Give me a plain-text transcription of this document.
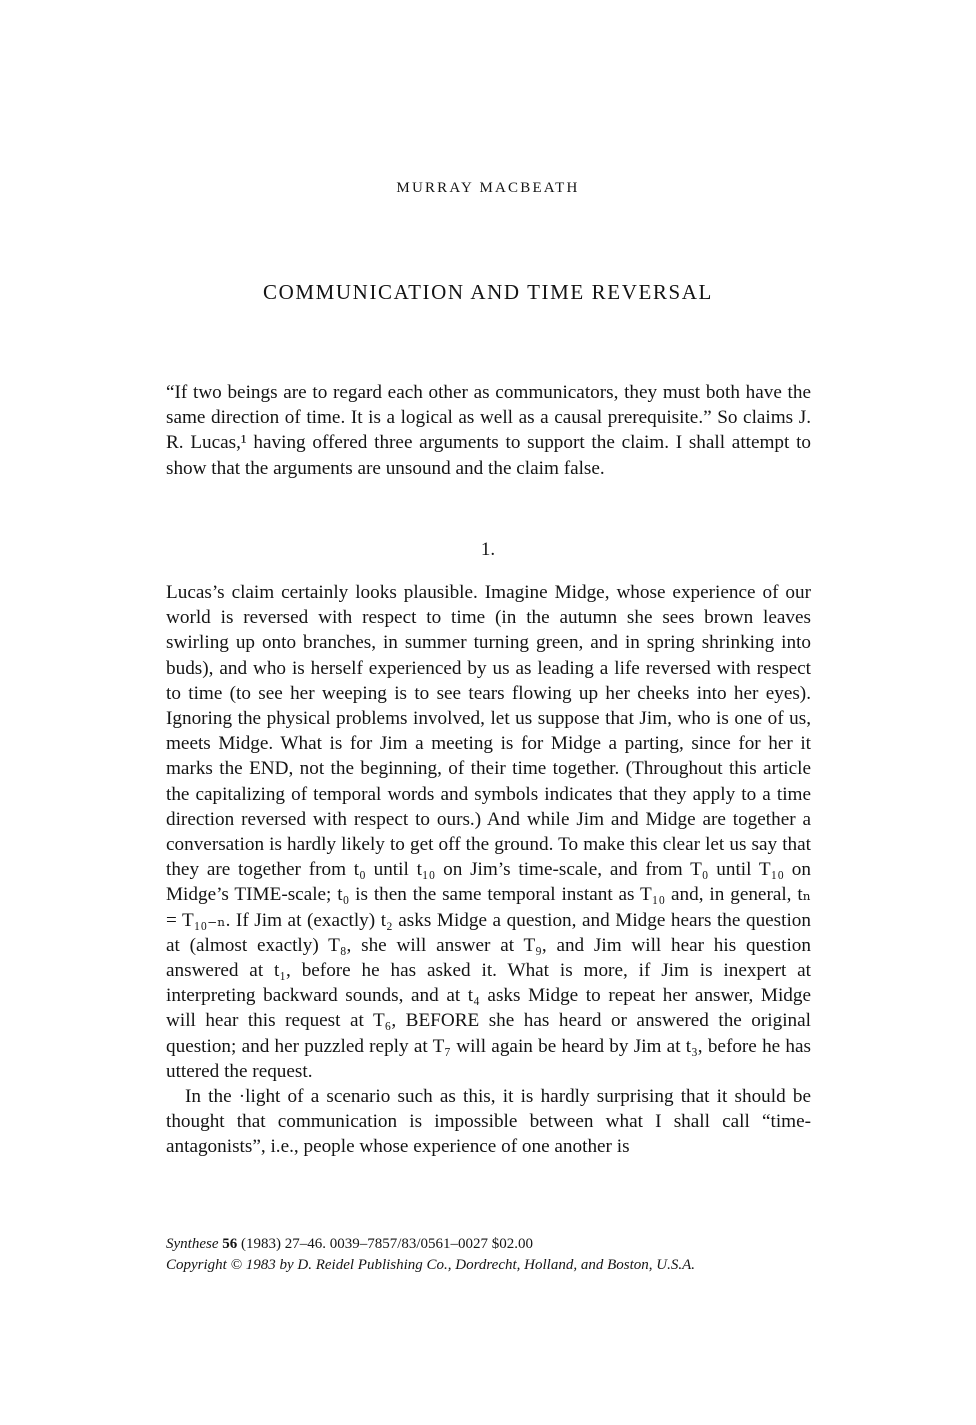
MURRAY MACBEATH
COMMUNICATION AND TIME REVERSAL

“If two beings are to regard each other as communicators, they must both have the same direction of time. It is a logical as well as a causal prerequisite.” So claims J. R. Lucas,¹ having offered three arguments to support the claim. I shall attempt to show that the arguments are unsound and the claim false.

1.

Lucas’s claim certainly looks plausible. Imagine Midge, whose experience of our world is reversed with respect to time (in the autumn she sees brown leaves swirling up onto branches, in summer turning green, and in spring shrinking into buds), and who is herself experienced by us as leading a life reversed with respect to time (to see her weeping is to see tears flowing up her cheeks into her eyes). Ignoring the physical problems involved, let us suppose that Jim, who is one of us, meets Midge. What is for Jim a meeting is for Midge a parting, since for her it marks the END, not the beginning, of their time together. (Throughout this article the capitalizing of temporal words and symbols indicates that they apply to a time direction reversed with respect to ours.) And while Jim and Midge are together a conversation is hardly likely to get off the ground. To make this clear let us say that they are together from t₀ until t₁₀ on Jim’s time-scale, and from T₀ until T₁₀ on Midge’s TIME-scale; t₀ is then the same temporal instant as T₁₀ and, in general, tₙ = T₁₀₋ₙ. If Jim at (exactly) t₂ asks Midge a question, and Midge hears the question at (almost exactly) T₈, she will answer at T₉, and Jim will hear his question answered at t₁, before he has asked it. What is more, if Jim is inexpert at interpreting backward sounds, and at t₄ asks Midge to repeat her answer, Midge will hear this request at T₆, BEFORE she has heard or answered the original question; and her puzzled reply at T₇ will again be heard by Jim at t₃, before he has uttered the request.

In the ·light of a scenario such as this, it is hardly surprising that it should be thought that communication is impossible between what I shall call “time-antagonists”, i.e., people whose experience of one another is

Synthese 56 (1983) 27–46. 0039–7857/83/0561–0027 $02.00
Copyright © 1983 by D. Reidel Publishing Co., Dordrecht, Holland, and Boston, U.S.A.
